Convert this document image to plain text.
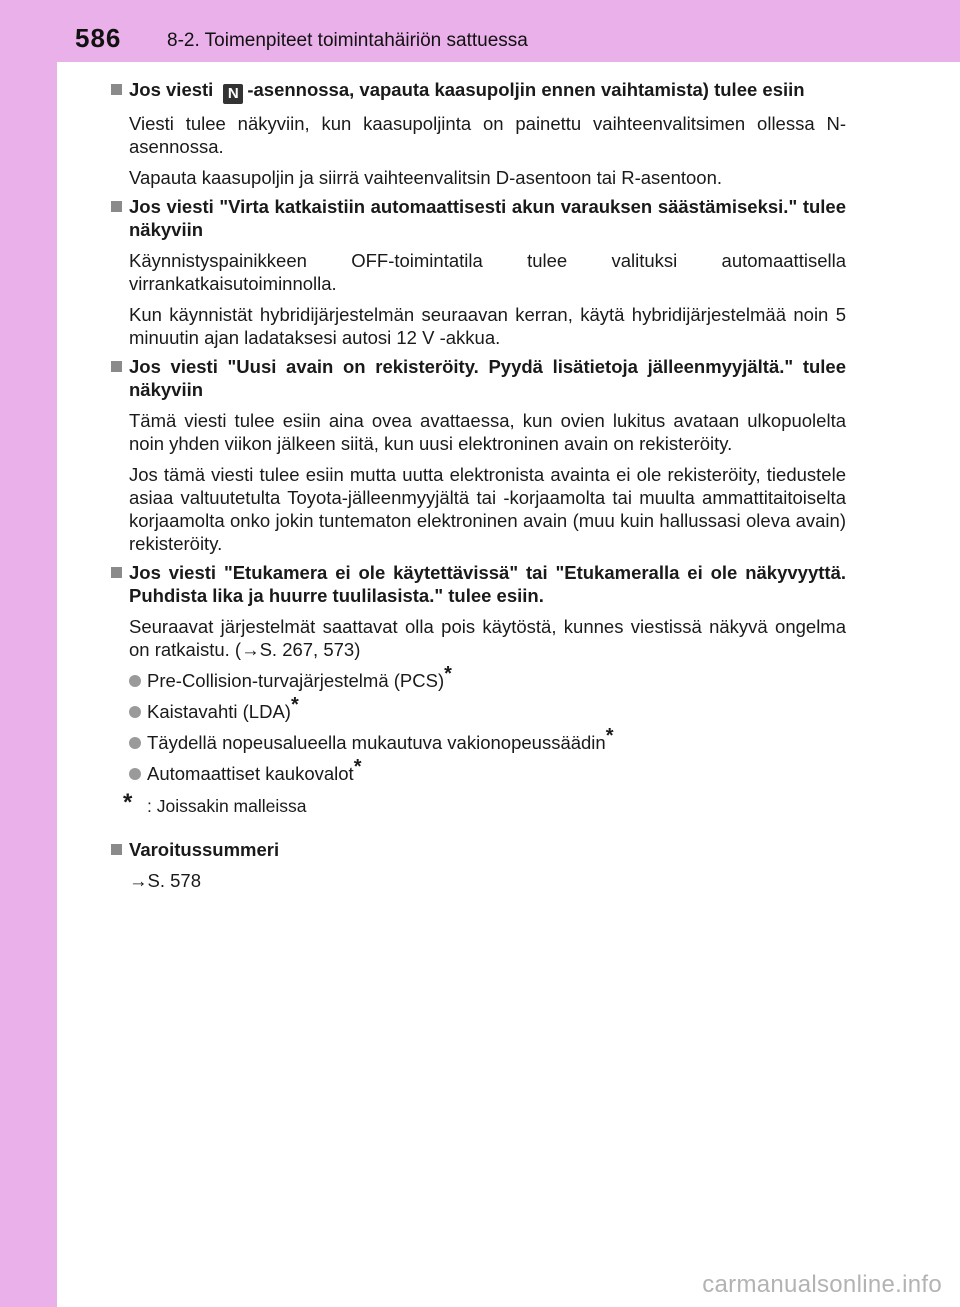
586 8-2. Toimenpiteet toimintahäiriön sattuessa
Jos viesti N -asennossa, vapauta kaasupoljin ennen vaihtamista) tulee esiin
Viesti tulee näkyviin, kun kaasupoljinta on painettu vaihteenvalitsimen ollessa N-asennossa.
Vapauta kaasupoljin ja siirrä vaihteenvalitsin D-asentoon tai R-asentoon.
Jos viesti "Virta katkaistiin automaattisesti akun varauksen säästämiseksi." tulee näkyviin
Käynnistyspainikkeen OFF-toimintatila tulee valituksi automaattisella virrankatkaisutoiminnolla.
Kun käynnistät hybridijärjestelmän seuraavan kerran, käytä hybridijärjestelmää noin 5 minuutin ajan ladataksesi autosi 12 V -akkua.
Jos viesti "Uusi avain on rekisteröity. Pyydä lisätietoja jälleenmyyjältä." tulee näkyviin
Tämä viesti tulee esiin aina ovea avattaessa, kun ovien lukitus avataan ulkopuolelta noin yhden viikon jälkeen siitä, kun uusi elektroninen avain on rekisteröity.
Jos tämä viesti tulee esiin mutta uutta elektronista avainta ei ole rekisteröity, tiedustele asiaa valtuutetulta Toyota-jälleenmyyjältä tai -korjaamolta tai muulta ammattitaitoiselta korjaamolta onko jokin tuntematon elektroninen avain (muu kuin hallussasi oleva avain) rekisteröity.
Jos viesti "Etukamera ei ole käytettävissä" tai "Etukameralla ei ole näkyvyyttä. Puhdista lika ja huurre tuulilasista." tulee esiin.
Seuraavat järjestelmät saattavat olla pois käytöstä, kunnes viestissä näkyvä ongelma on ratkaistu. (→S. 267, 573)
Pre-Collision-turvajärjestelmä (PCS)*
Kaistavahti (LDA)*
Täydellä nopeusalueella mukautuva vakionopeussäädin*
Automaattiset kaukovalot*
* : Joissakin malleissa
Varoitussummeri
→S. 578
carmanualsonline.info
